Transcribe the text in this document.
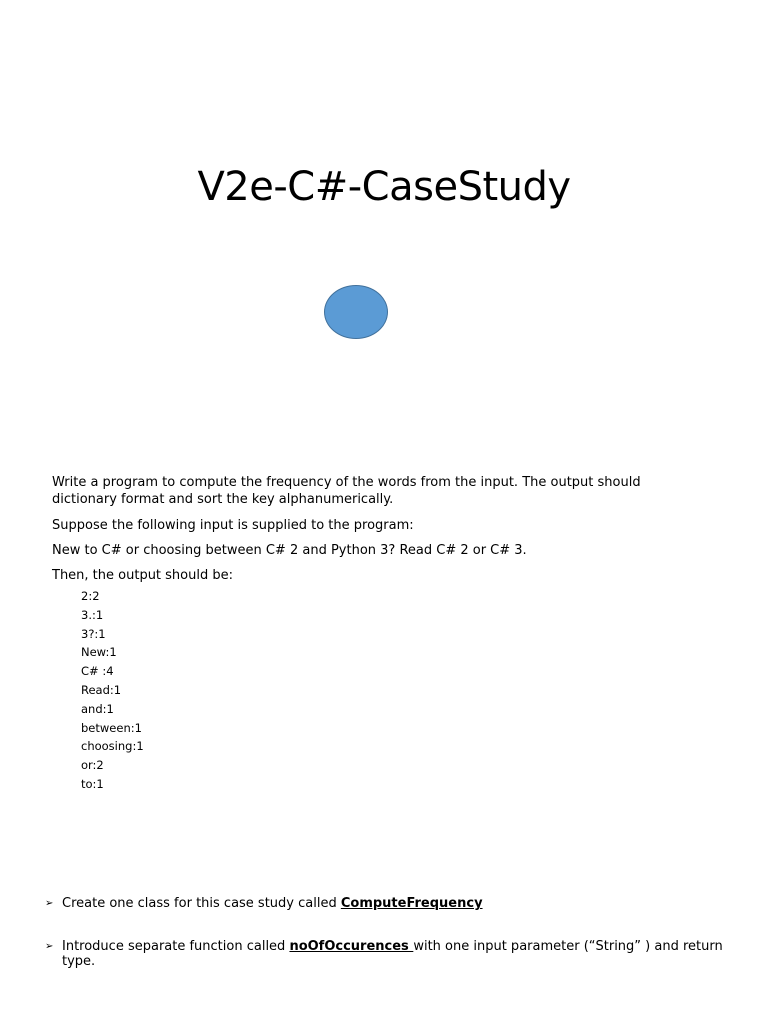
V2e-C#-CaseStudy

Write a program to compute the frequency of the words from the input. The output should
dictionary format and sort the key alphanumerically.

Suppose the following input is supplied to the program:

New to C# or choosing between C# 2 and Python 3? Read C# 2 or C# 3.

Then, the output should be:

2:2
3.:1
3?:1
New:1
C# :4
Read:1
and:1
between:1
choosing:1
or:2
to:1
➢ Create one class for this case study called ComputeFrequency
➢ Introduce separate function called noOfOccurences with one input parameter (“String” ) and return type.
